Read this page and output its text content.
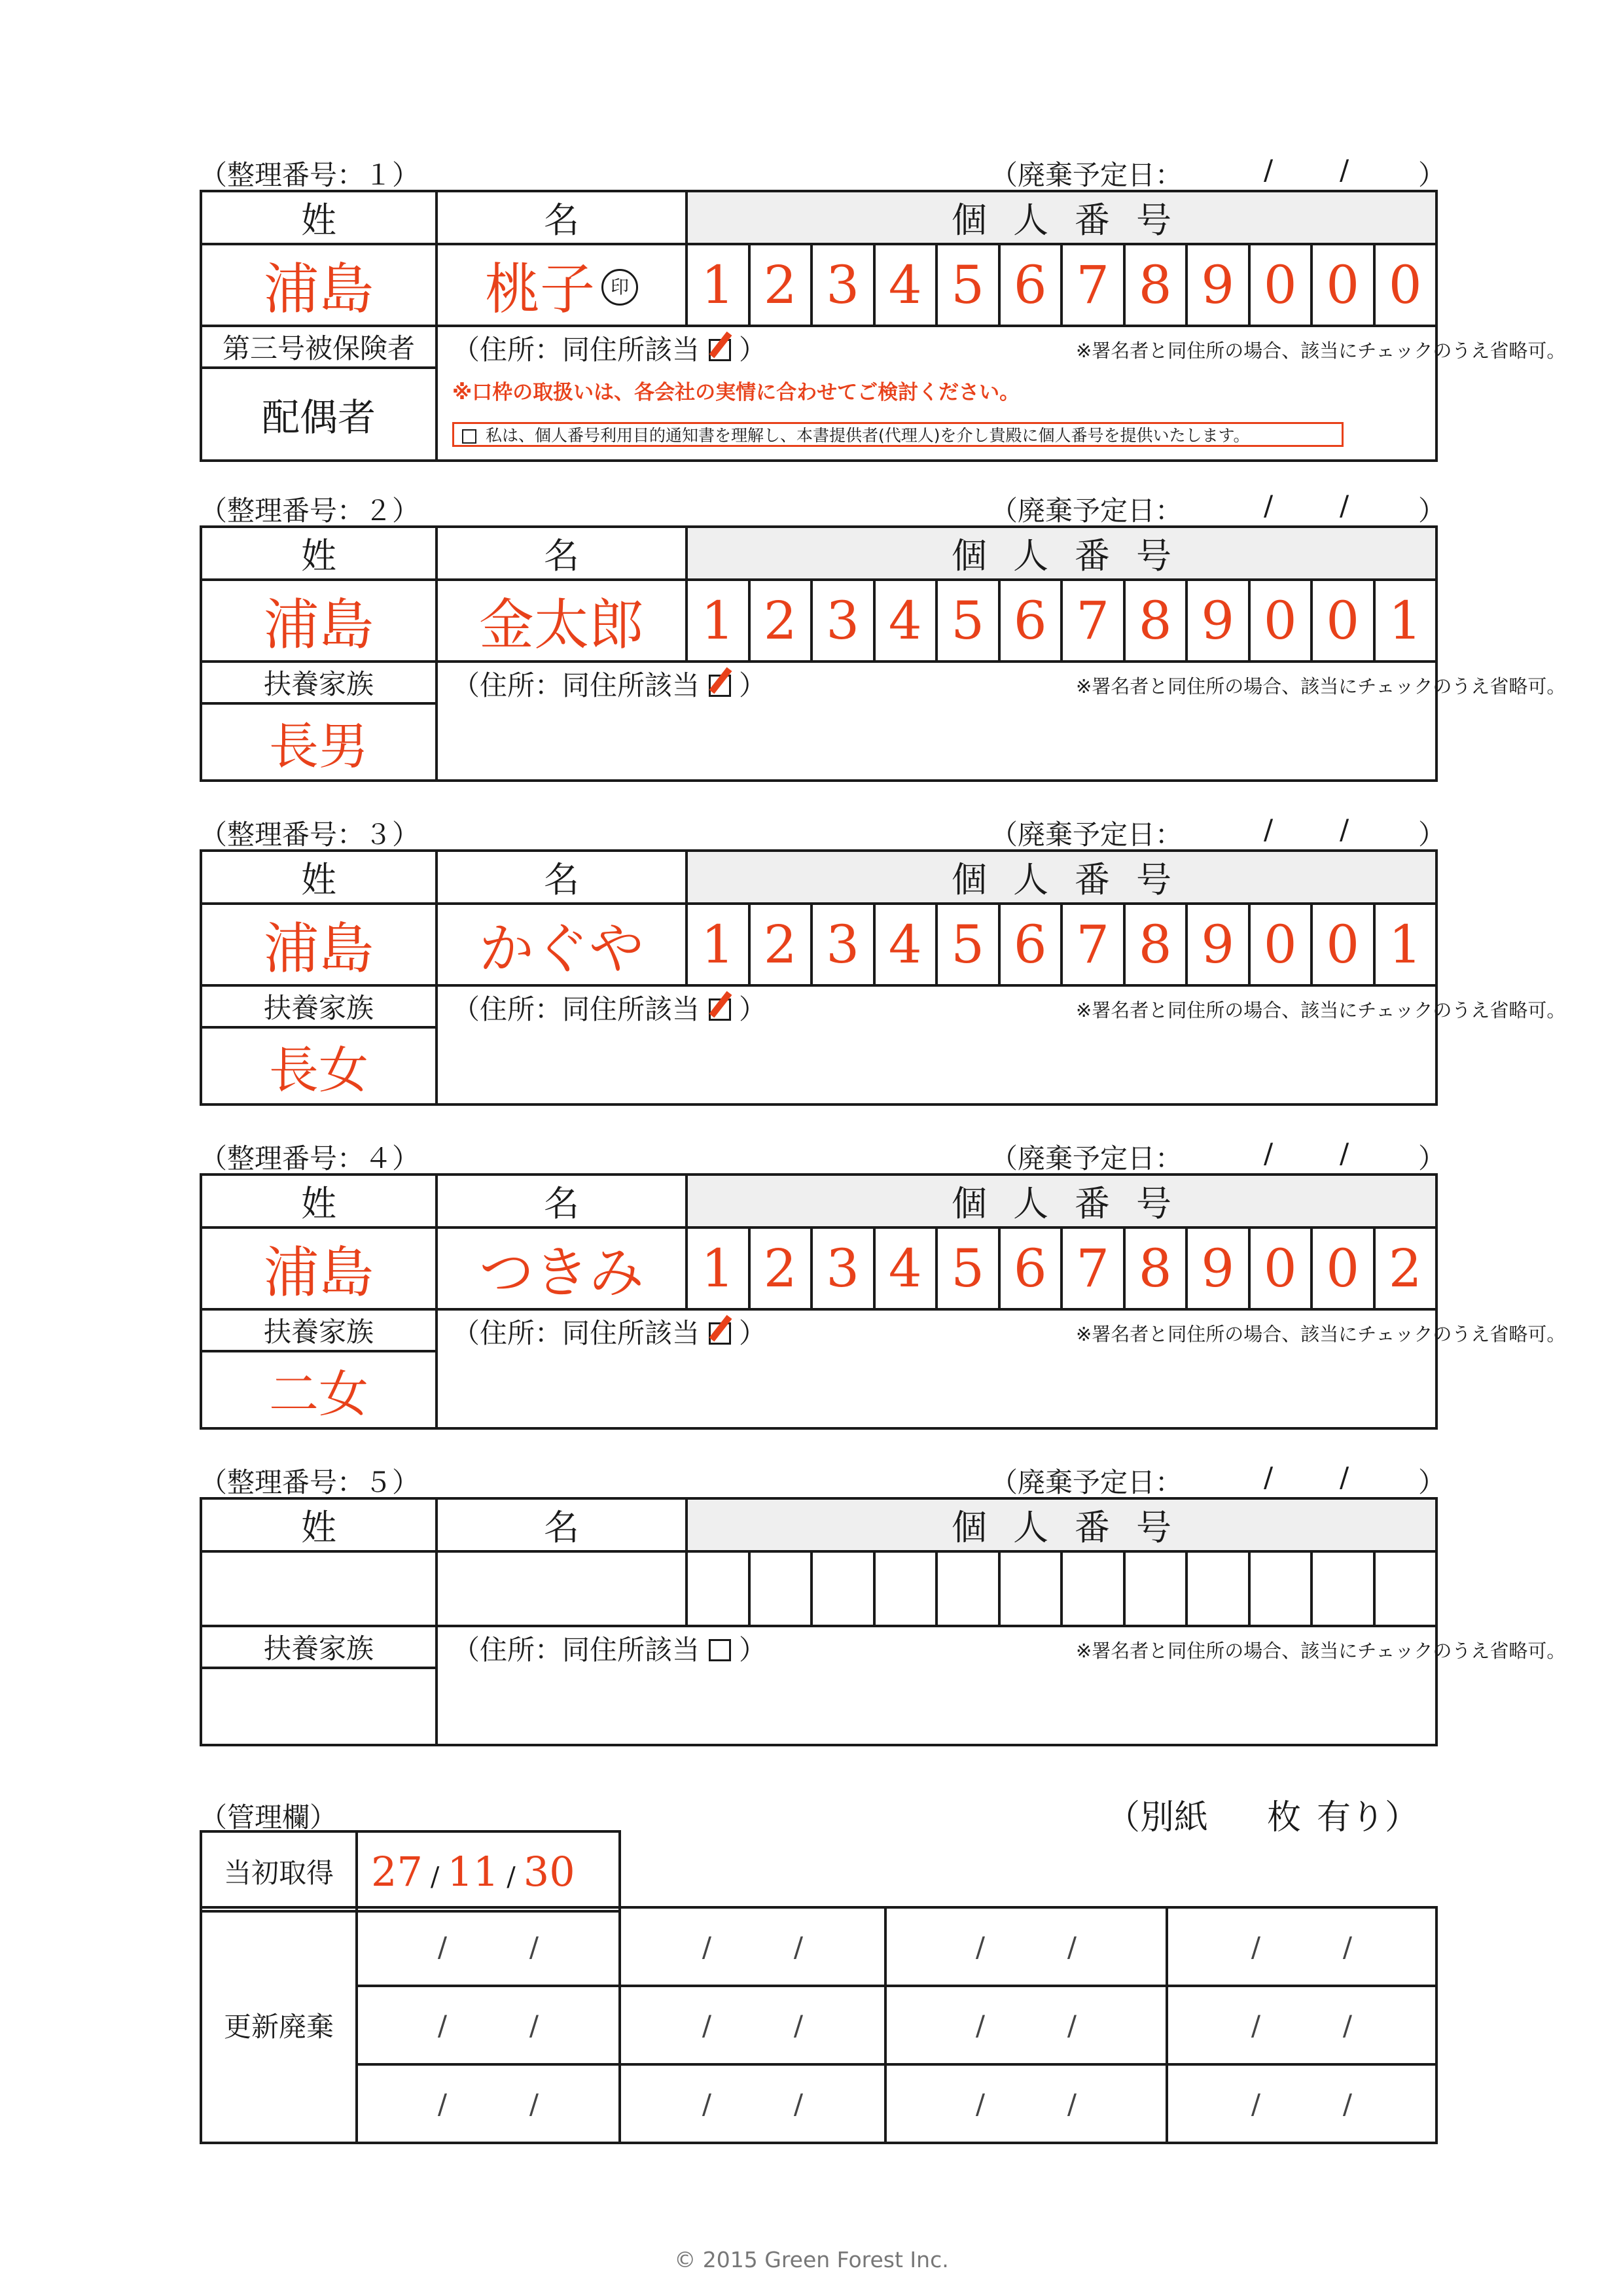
（整理番号：１）	（廃棄予定日：	/ /	）
姓	名	個人番号											
浦島	桃子 印	1	2	3	4	5	6	7	8	9	0	0	0
第三号被保険者	（住所：同住所該当 ） ※署名者と同住所の場合、該当にチェックのうえ省略可。
※口枠の取扱いは、各会社の実情に合わせてご検討ください。
私は、個人番号利用目的通知書を理解し、本書提供者(代理人)を介し貴殿に個人番号を提供いたします。												

配偶者													
（整理番号：２）	（廃棄予定日：	/ /	）
姓	名	個人番号											
浦島	金太郎	1	2	3	4	5	6	7	8	9	0	0	1
扶養家族	（住所：同住所該当 ） ※署名者と同住所の場合、該当にチェックのうえ省略可。												

長男													
（整理番号：３）	（廃棄予定日：	/ /	）
姓	名	個人番号											
浦島	かぐや	1	2	3	4	5	6	7	8	9	0	0	1
扶養家族	（住所：同住所該当 ） ※署名者と同住所の場合、該当にチェックのうえ省略可。												

長女													
（整理番号：４）	（廃棄予定日：	/ /	）
姓	名	個人番号											
浦島	つきみ	1	2	3	4	5	6	7	8	9	0	0	2
扶養家族	（住所：同住所該当 ） ※署名者と同住所の場合、該当にチェックのうえ省略可。												

二女													
（整理番号：５）	（廃棄予定日：	/ /	）
姓	名	個人番号											

扶養家族	（住所：同住所該当 ） ※署名者と同住所の場合、該当にチェックのうえ省略可。												

（管理欄）	（別紙 枚 有り）
当初取得	27 / 11 / 30
更新廃棄	/ /	/ /	/ /	/ /
	/ /	/ /	/ /	/ /
	/ /	/ /	/ /	/ /
© 2015 Green Forest Inc.
